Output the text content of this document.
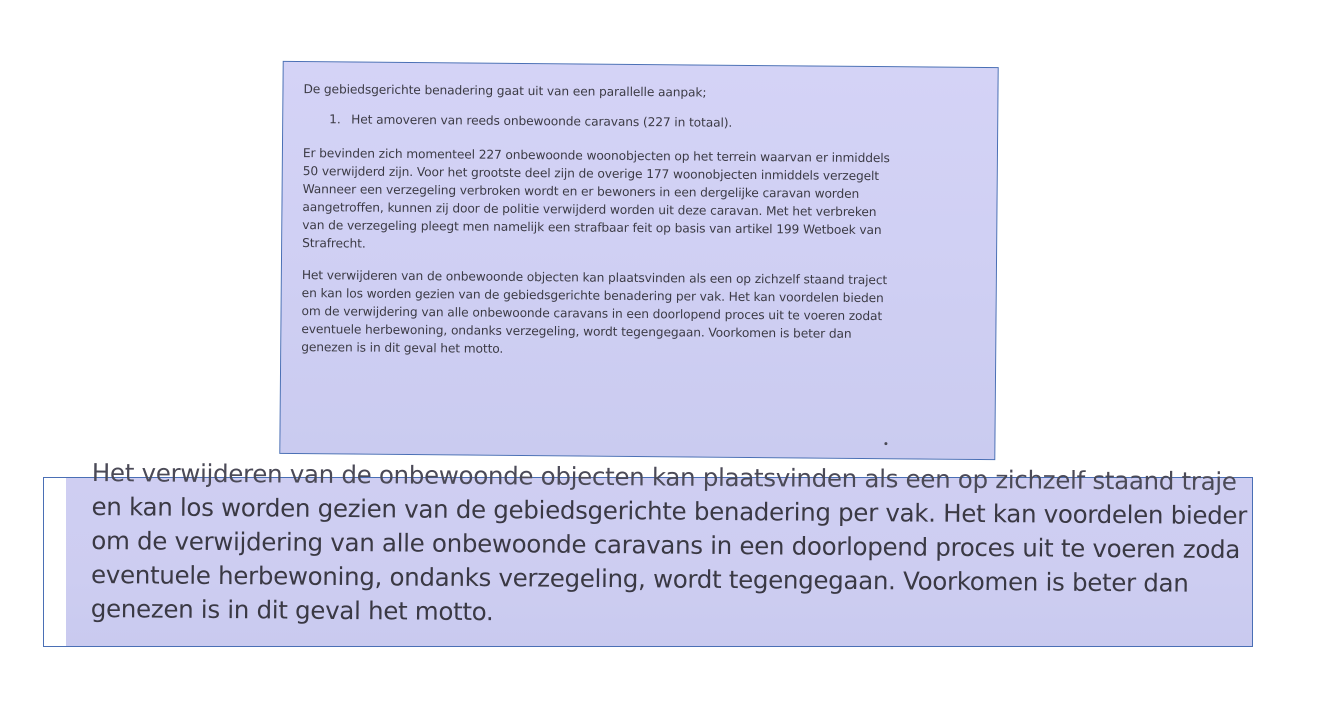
De gebiedsgerichte benadering gaat uit van een parallelle aanpak;

1. Het amoveren van reeds onbewoonde caravans (227 in totaal).

Er bevinden zich momenteel 227 onbewoonde woonobjecten op het terrein waarvan er inmiddels

50 verwijderd zijn. Voor het grootste deel zijn de overige 177 woonobjecten inmiddels verzegelt

Wanneer een verzegeling verbroken wordt en er bewoners in een dergelijke caravan worden

aangetroffen, kunnen zij door de politie verwijderd worden uit deze caravan. Met het verbreken

van de verzegeling pleegt men namelijk een strafbaar feit op basis van artikel 199 Wetboek van

Strafrecht.

Het verwijderen van de onbewoonde objecten kan plaatsvinden als een op zichzelf staand traject

en kan los worden gezien van de gebiedsgerichte benadering per vak. Het kan voordelen bieden

om de verwijdering van alle onbewoonde caravans in een doorlopend proces uit te voeren zodat

eventuele herbewoning, ondanks verzegeling, wordt tegengegaan. Voorkomen is beter dan

genezen is in dit geval het motto.

Het verwijderen van de onbewoonde objecten kan plaatsvinden als een op zichzelf staand traje

en kan los worden gezien van de gebiedsgerichte benadering per vak. Het kan voordelen bieder

om de verwijdering van alle onbewoonde caravans in een doorlopend proces uit te voeren zoda

eventuele herbewoning, ondanks verzegeling, wordt tegengegaan. Voorkomen is beter dan

genezen is in dit geval het motto.
